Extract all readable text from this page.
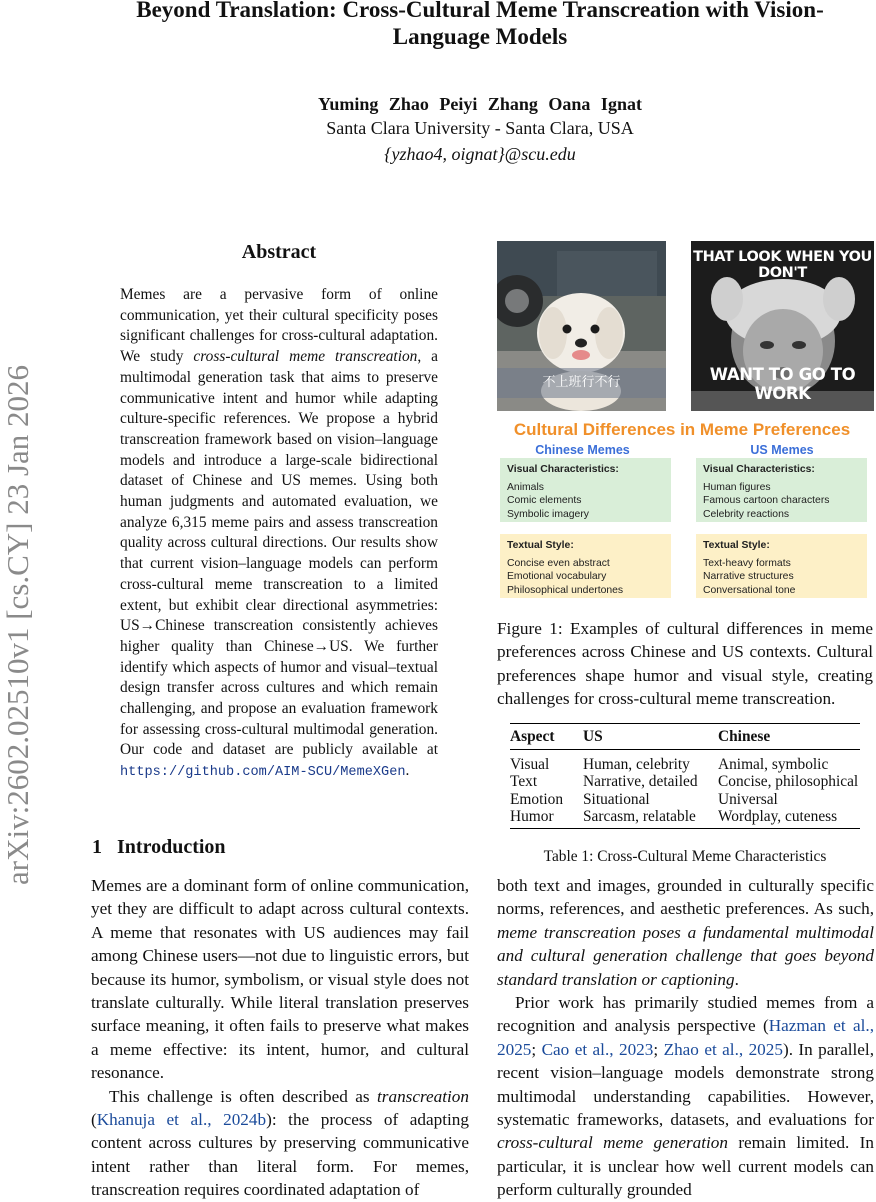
Beyond Translation: Cross-Cultural Meme Transcreation with Vision-Language Models
Yuming Zhao Peiyi Zhang Oana Ignat
Santa Clara University - Santa Clara, USA
{yzhao4, oignat}@scu.edu
arXiv:2602.02510v1 [cs.CY] 23 Jan 2026
Abstract
Memes are a pervasive form of online communication, yet their cultural specificity poses significant challenges for cross-cultural adaptation. We study cross-cultural meme transcreation, a multimodal generation task that aims to preserve communicative intent and humor while adapting culture-specific references. We propose a hybrid transcreation framework based on vision–language models and introduce a large-scale bidirectional dataset of Chinese and US memes. Using both human judgments and automated evaluation, we analyze 6,315 meme pairs and assess transcreation quality across cultural directions. Our results show that current vision–language models can perform cross-cultural meme transcreation to a limited extent, but exhibit clear directional asymmetries: US→Chinese transcreation consistently achieves higher quality than Chinese→US. We further identify which aspects of humor and visual–textual design transfer across cultures and which remain challenging, and propose an evaluation framework for assessing cross-cultural multimodal generation. Our code and dataset are publicly available at https://github.com/AIM-SCU/MemeXGen.
1 Introduction

Memes are a dominant form of online communication, yet they are difficult to adapt across cultural contexts. A meme that resonates with US audiences may fail among Chinese users—not due to linguistic errors, but because its humor, symbolism, or visual style does not translate culturally. While literal translation preserves surface meaning, it often fails to preserve what makes a meme effective: its intent, humor, and cultural resonance.

This challenge is often described as transcreation (Khanuja et al., 2024b): the process of adapting content across cultures by preserving communicative intent rather than literal form. For memes, transcreation requires coordinated adaptation of

不上班行不行
THAT LOOK WHEN YOU DON'T
WANT TO GO TO WORK
Cultural Differences in Meme Preferences
Chinese Memes	US Memes
Visual Characteristics:
Animals
Comic elements
Symbolic imagery
Visual Characteristics:
Human figures
Famous cartoon characters
Celebrity reactions
Textual Style:
Concise even abstract
Emotional vocabulary
Philosophical undertones
Textual Style:
Text-heavy formats
Narrative structures
Conversational tone
Figure 1: Examples of cultural differences in meme preferences across Chinese and US contexts. Cultural preferences shape humor and visual style, creating challenges for cross-cultural meme transcreation.
Aspect	US	Chinese
Visual	Human, celebrity	Animal, symbolic
Text	Narrative, detailed	Concise, philosophical
Emotion	Situational	Universal
Humor	Sarcasm, relatable	Wordplay, cuteness
Table 1: Cross-Cultural Meme Characteristics

both text and images, grounded in culturally specific norms, references, and aesthetic preferences. As such, meme transcreation poses a fundamental multimodal and cultural generation challenge that goes beyond standard translation or captioning.

Prior work has primarily studied memes from a recognition and analysis perspective (Hazman et al., 2025; Cao et al., 2023; Zhao et al., 2025). In parallel, recent vision–language models demonstrate strong multimodal understanding capabilities. However, systematic frameworks, datasets, and evaluations for cross-cultural meme generation remain limited. In particular, it is unclear how well current models can perform culturally grounded
